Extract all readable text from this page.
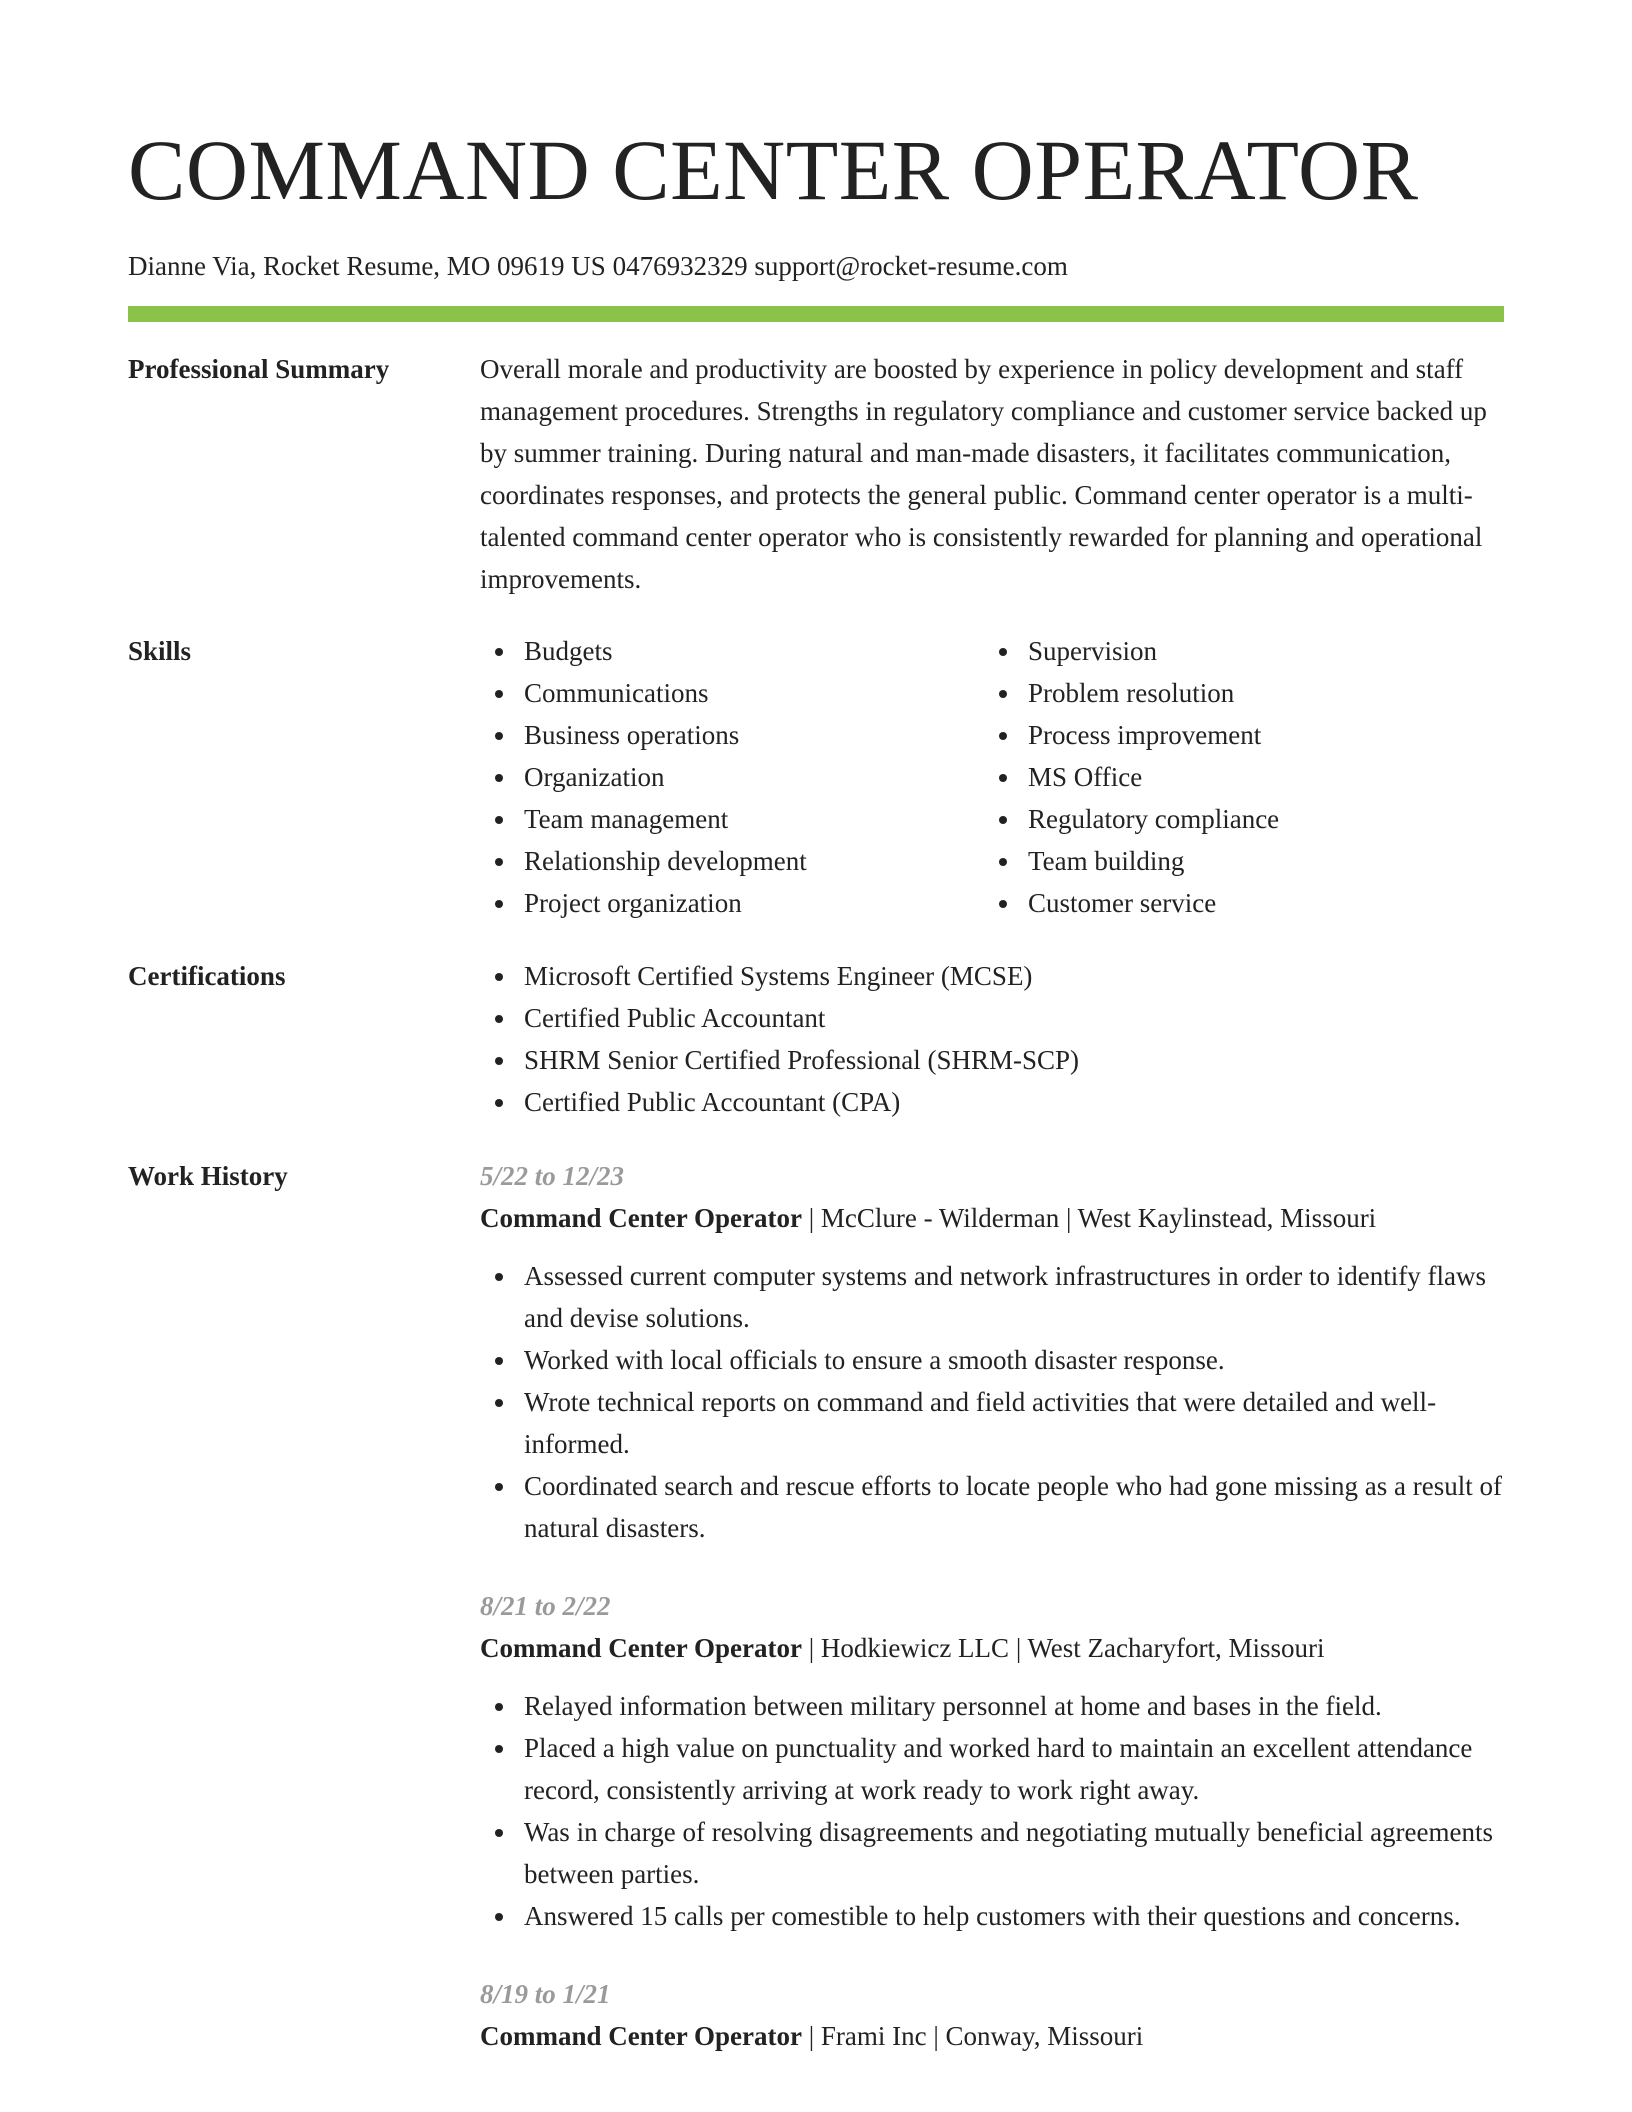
COMMAND CENTER OPERATOR
Dianne Via, Rocket Resume, MO 09619 US 0476932329 support@rocket-resume.com
Professional Summary	Overall morale and productivity are boosted by experience in policy development and staff management procedures. Strengths in regulatory compliance and customer service backed up by summer training. During natural and man-made disasters, it facilitates communication, coordinates responses, and protects the general public. Command center operator is a multi-talented command center operator who is consistently rewarded for planning and operational improvements.

Skills	Budgets
Communications
Business operations
Organization
Team management
Relationship development
Project organization
Supervision
Problem resolution
Process improvement
MS Office
Regulatory compliance
Team building
Customer service
Certifications	Microsoft Certified Systems Engineer (MCSE)
Certified Public Accountant
SHRM Senior Certified Professional (SHRM-SCP)
Certified Public Accountant (CPA)
Work History	5/22 to 12/23
Command Center Operator | McClure - Wilderman | West Kaylinstead, Missouri
Assessed current computer systems and network infrastructures in order to identify flaws and devise solutions.
Worked with local officials to ensure a smooth disaster response.
Wrote technical reports on command and field activities that were detailed and well-informed.
Coordinated search and rescue efforts to locate people who had gone missing as a result of natural disasters.
8/21 to 2/22
Command Center Operator | Hodkiewicz LLC | West Zacharyfort, Missouri
Relayed information between military personnel at home and bases in the field.
Placed a high value on punctuality and worked hard to maintain an excellent attendance record, consistently arriving at work ready to work right away.
Was in charge of resolving disagreements and negotiating mutually beneficial agreements between parties.
Answered 15 calls per comestible to help customers with their questions and concerns.
8/19 to 1/21
Command Center Operator | Frami Inc | Conway, Missouri
